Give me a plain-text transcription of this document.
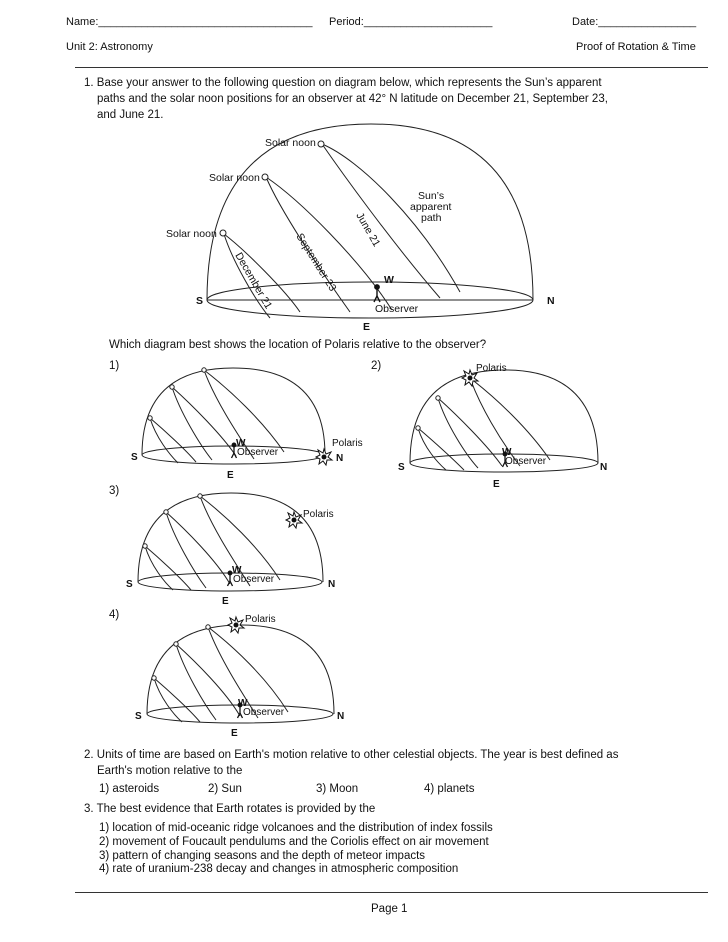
Name:___________________________________ Period:_____________________	Date:________________
Unit 2: Astronomy	Proof of Rotation & Time
1. Base your answer to the following question on diagram below, which represents the Sun’s apparent
paths and the solar noon positions for an observer at 42° N latitude on December 21, September 23,
and June 21.
Solar noon
Solar noon
Solar noon
Sun’s
apparent
path
June 21
September 23
December 21	Observer
S	N
E
W
Polaris
Observer
S	N
E
W
Polaris
Observer
S	N
E
W
Polaris
Observer
S	N
E
W
Polaris
Observer
S	N
E
W
Which diagram best shows the location of Polaris relative to the observer?
1)	2)
3)
4)
2. Units of time are based on Earth's motion relative to other celestial objects. The year is best defined as
Earth's motion relative to the
1) asteroids	2) Sun	3) Moon	4) planets
3. The best evidence that Earth rotates is provided by the
1) location of mid-oceanic ridge volcanoes and the distribution of index fossils
2) movement of Foucault pendulums and the Coriolis effect on air movement
3) pattern of changing seasons and the depth of meteor impacts
4) rate of uranium-238 decay and changes in atmospheric composition
Page 1
